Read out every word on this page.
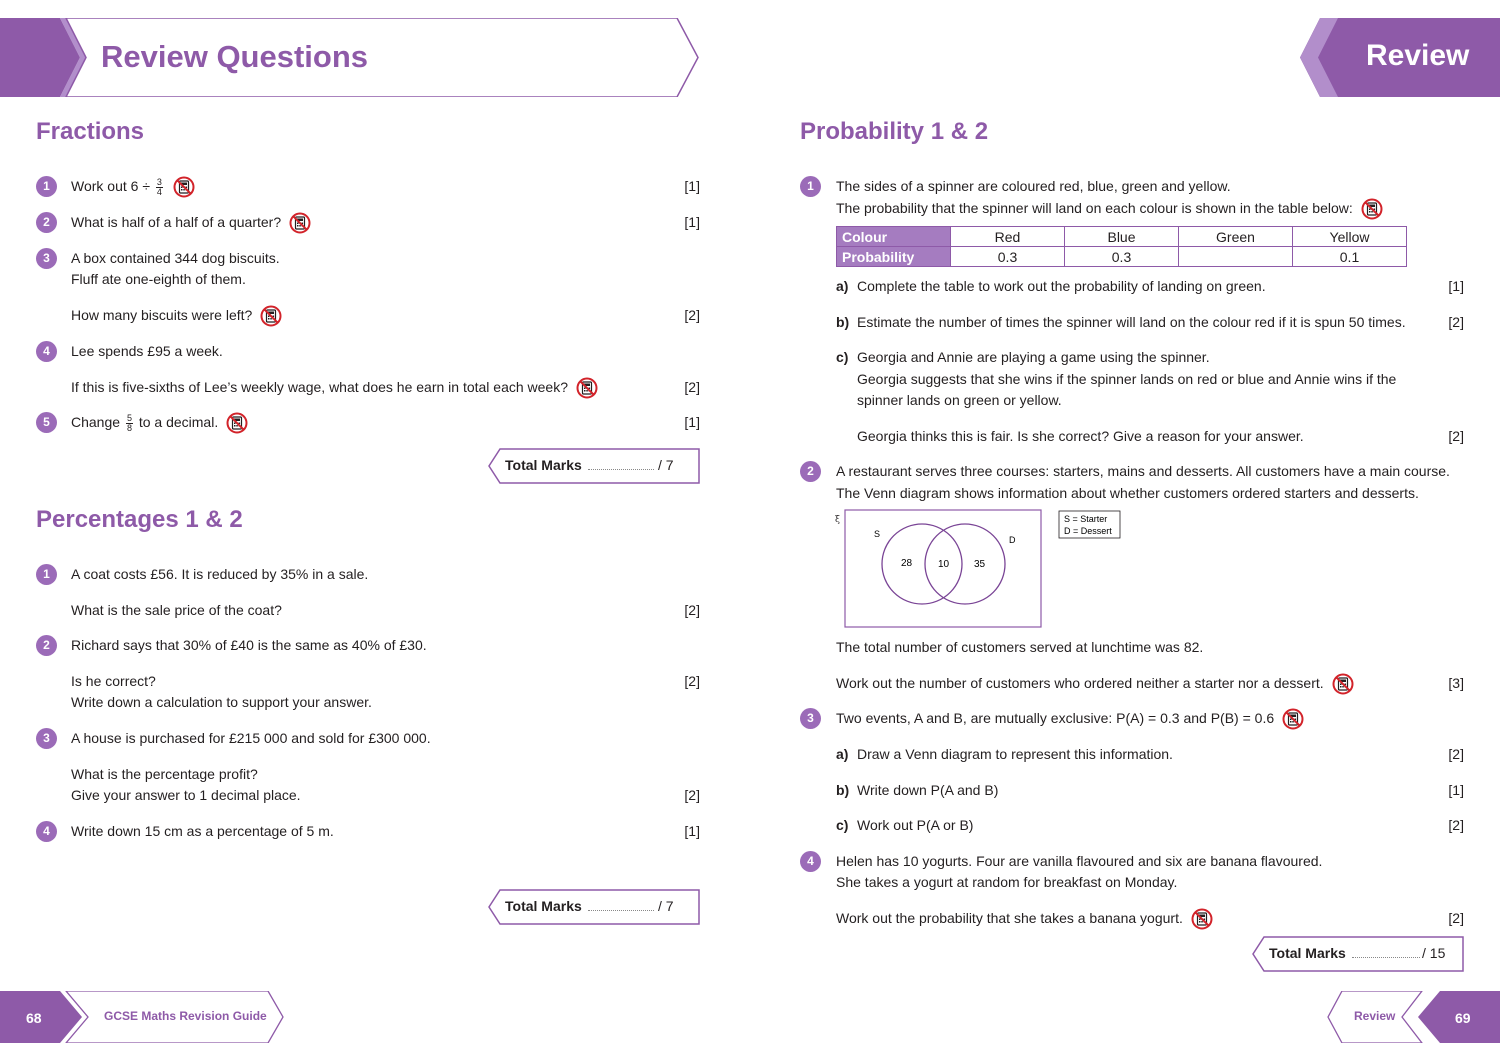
Review Questions	Review
Fractions
1	Work out $6 \div \frac{3}{4}$
	[1]
2	What is half of a half of a quarter?	[1]
3	A box contained 344 dog biscuits.
Fluff ate one-eighth of them.
How many biscuits were left?	[2]
4	Lee spends £95 a week.
If this is five-sixths of Lee’s weekly wage, what does he earn in total each week?	[2]
5	Change $\frac{5}{8}$ to a decimal.	[1]
Total Marks	/ 7
Percentages 1 & 2
1	A coat costs £56. It is reduced by 35% in a sale.
What is the sale price of the coat?	[2]
2	Richard says that 30% of £40 is the same as 40% of £30.
Is he correct?
Write down a calculation to support your answer.
[2]
3	A house is purchased for £215 000 and sold for £300 000.
What is the percentage profit?
Give your answer to 1 decimal place.	[2]
4	Write down 15 cm as a percentage of 5 m.	[1]
Total Marks	/ 7
Probability 1 & 2
1	The sides of a spinner are coloured red, blue, green and yellow.
The probability that the spinner will land on each colour is shown in the table below:
Colour	Red	Blue	Green	Yellow
Probability	0.3	0.3		0.1
a) Complete the table to work out the probability of landing on green.	[1]
b) Estimate the number of times the spinner will land on the colour red if it is spun 50 times.	[2]
c) Georgia and Annie are playing a game using the spinner.
Georgia suggests that she wins if the spinner lands on red or blue and Annie wins if the
spinner lands on green or yellow.
Georgia thinks this is fair. Is she correct? Give a reason for your answer.	[2]
2	A restaurant serves three courses: starters, mains and desserts. All customers have a main course.
The Venn diagram shows information about whether customers ordered starters and desserts.
ξ
S
D
28	10 35
S = Starter
D = Dessert
The total number of customers served at lunchtime was 82.
Work out the number of customers who ordered neither a starter nor a dessert.	[3]
3	Two events, A and B, are mutually exclusive: P(A) = 0.3 and P(B) = 0.6
a) Draw a Venn diagram to represent this information.	[2]
b) Write down P(A and B)	[1]
c) Work out P(A or B)	[2]
4	Helen has 10 yogurts. Four are vanilla flavoured and six are banana flavoured.
She takes a yogurt at random for breakfast on Monday.
Work out the probability that she takes a banana yogurt.	[2]
Total Marks	/ 15
68	GCSE Maths Revision Guide	Review	69
